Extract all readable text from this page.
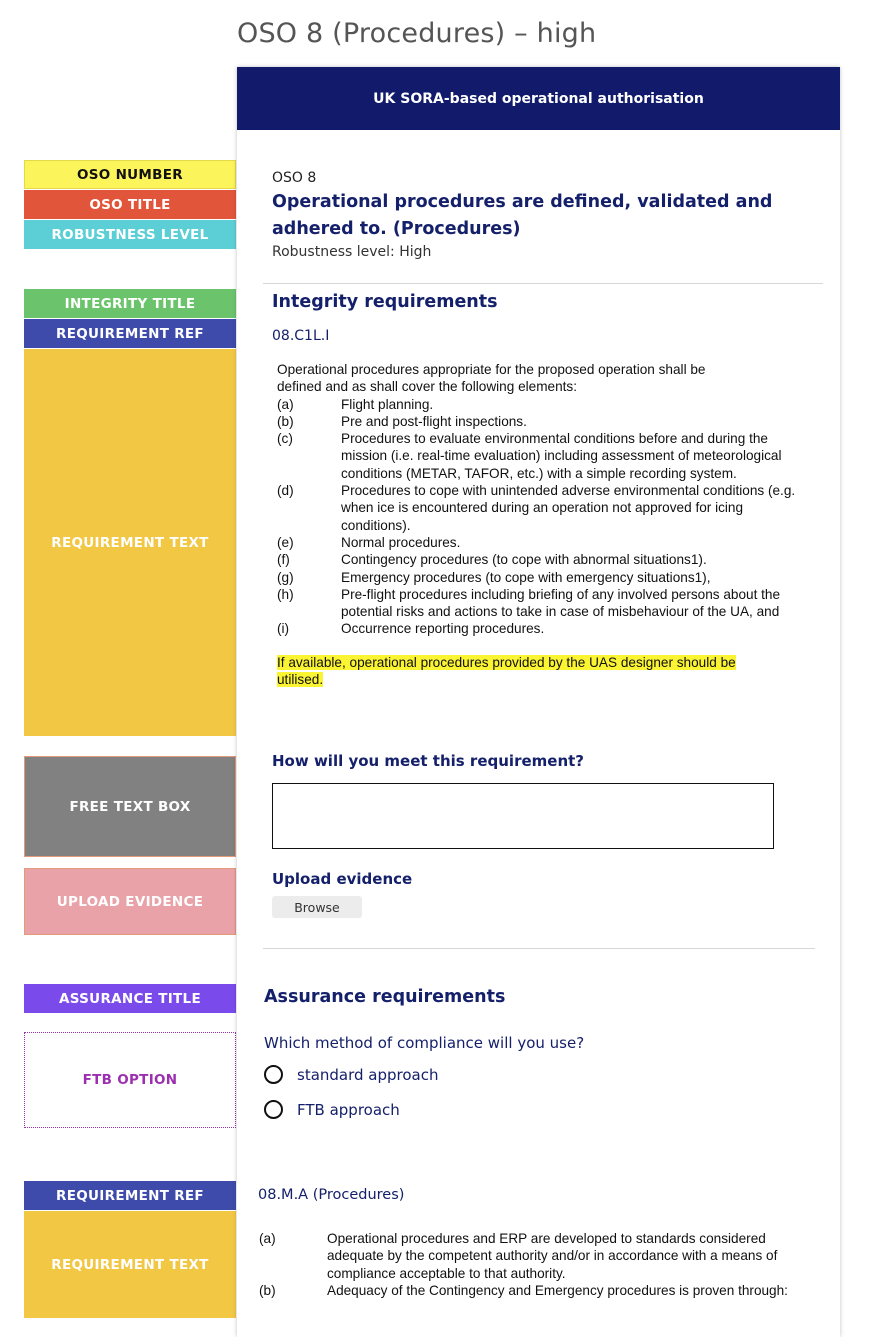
OSO 8 (Procedures) – high
OSO NUMBER
OSO TITLE
ROBUSTNESS LEVEL
INTEGRITY TITLE
REQUIREMENT REF
REQUIREMENT TEXT
FREE TEXT BOX
UPLOAD EVIDENCE
ASSURANCE TITLE
FTB OPTION
REQUIREMENT REF
REQUIREMENT TEXT
UK SORA-based operational authorisation
OSO 8
Operational procedures are defined, validated and
adhered to. (Procedures)
Robustness level: High
Integrity requirements
08.C1L.I
Operational procedures appropriate for the proposed operation shall be
defined and as shall cover the following elements:
(a)	Flight planning.
(b)	Pre and post-flight inspections.
(c)	Procedures to evaluate environmental conditions before and during the mission (i.e. real-time evaluation) including assessment of meteorological conditions (METAR, TAFOR, etc.) with a simple recording system.
(d)	Procedures to cope with unintended adverse environmental conditions (e.g. when ice is encountered during an operation not approved for icing conditions).
(e)	Normal procedures.
(f)	Contingency procedures (to cope with abnormal situations1).
(g)	Emergency procedures (to cope with emergency situations1),
(h)	Pre-flight procedures including briefing of any involved persons about the potential risks and actions to take in case of misbehaviour of the UA, and
(i)	Occurrence reporting procedures.
If available, operational procedures provided by the UAS designer should be
utilised.
How will you meet this requirement?
Upload evidence
Browse
Assurance requirements
Which method of compliance will you use?
standard approach
FTB approach
08.M.A (Procedures)
(a)	Operational procedures and ERP are developed to standards considered adequate by the competent authority and/or in accordance with a means of compliance acceptable to that authority.
(b)	Adequacy of the Contingency and Emergency procedures is proven through:
